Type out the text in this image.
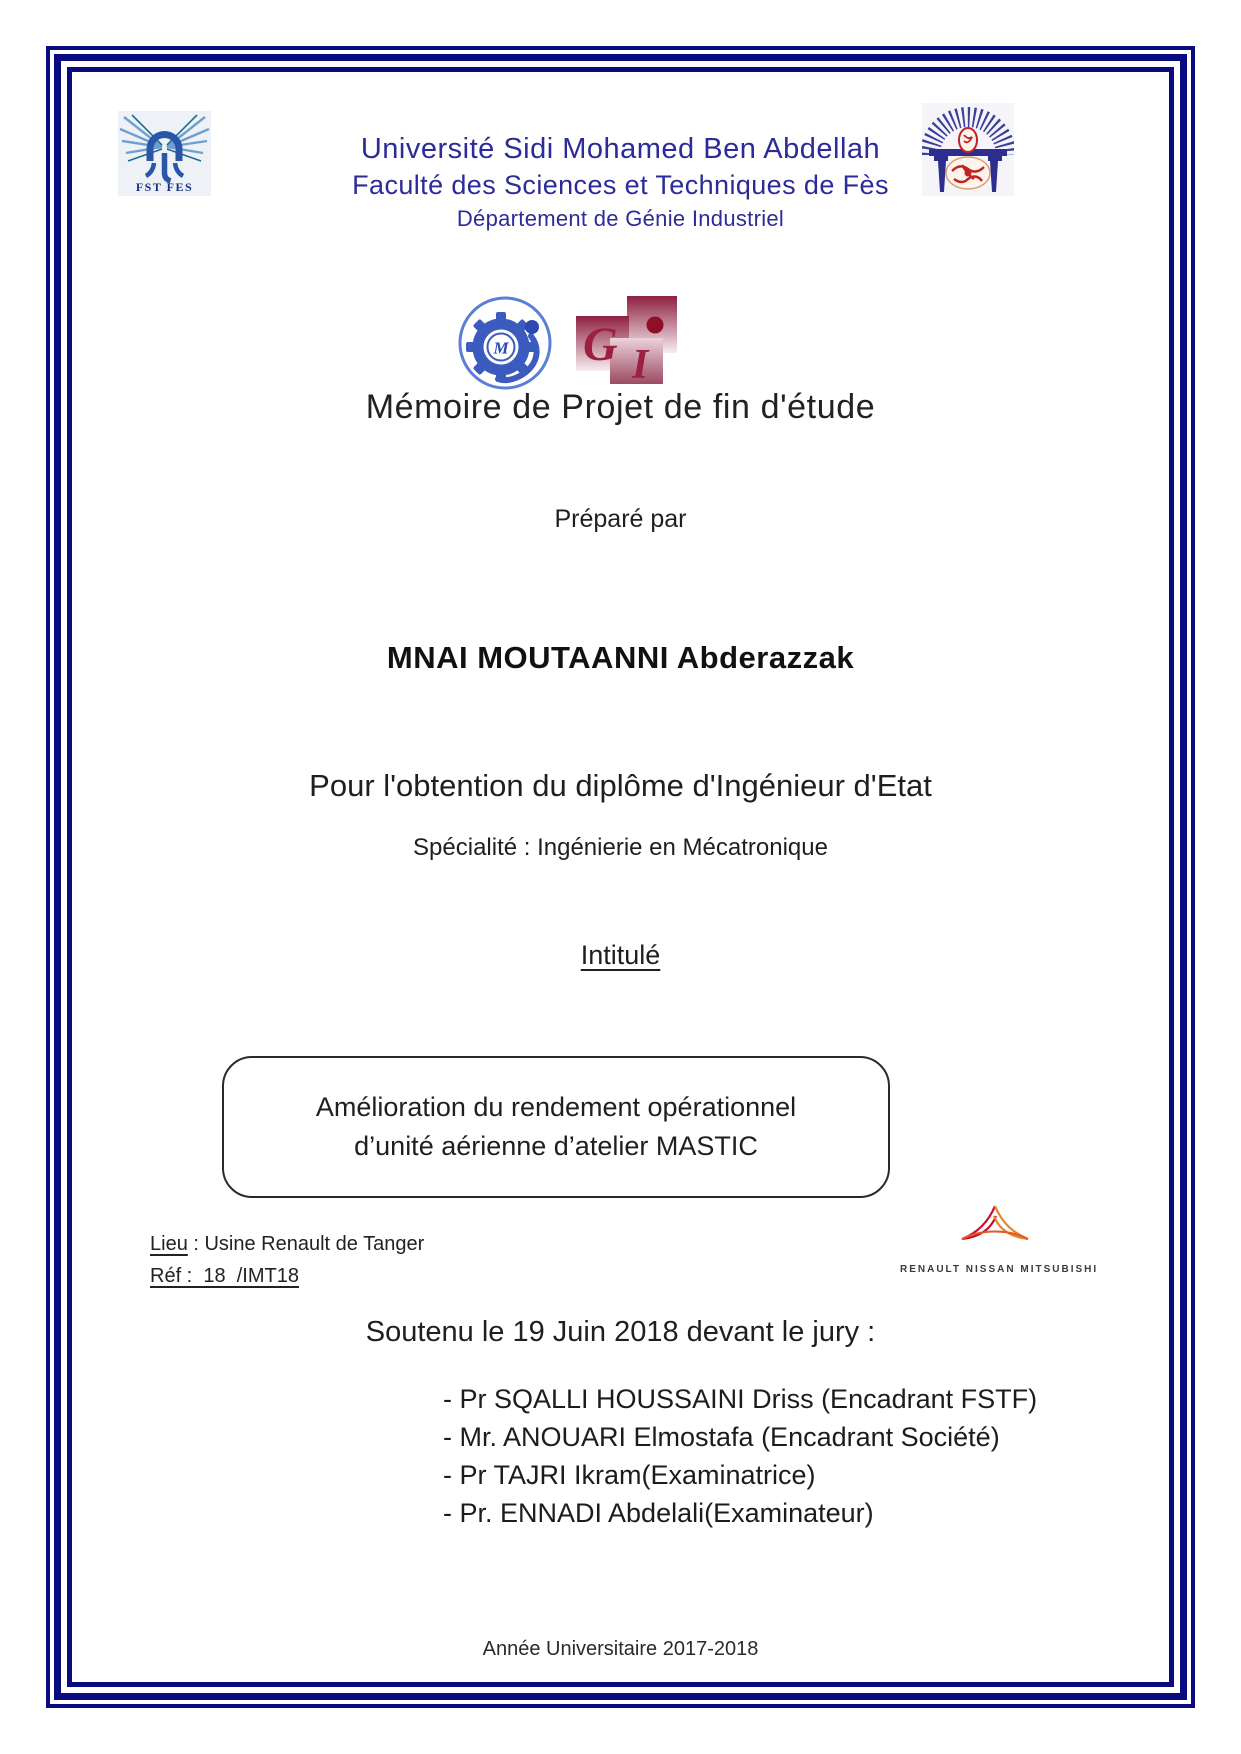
FST FES
Université Sidi Mohamed Ben Abdellah
Faculté des Sciences et Techniques de Fès
Département de Génie Industriel
M G I
Mémoire de Projet de fin d'étude
Préparé par
MNAI MOUTAANNI Abderazzak
Pour l'obtention du diplôme d'Ingénieur d'Etat
Spécialité : Ingénierie en Mécatronique
Intitulé
Amélioration du rendement opérationnel
d’unité aérienne d’atelier MASTIC
Lieu : Usine Renault de Tanger
Réf :  18  /IMT18	RENAULT NISSAN MITSUBISHI
Soutenu le 19 Juin 2018 devant le jury :
- Pr SQALLI HOUSSAINI Driss (Encadrant FSTF)
- Mr. ANOUARI Elmostafa (Encadrant Société)
- Pr TAJRI Ikram(Examinatrice)
- Pr. ENNADI Abdelali(Examinateur)
Année Universitaire 2017-2018
